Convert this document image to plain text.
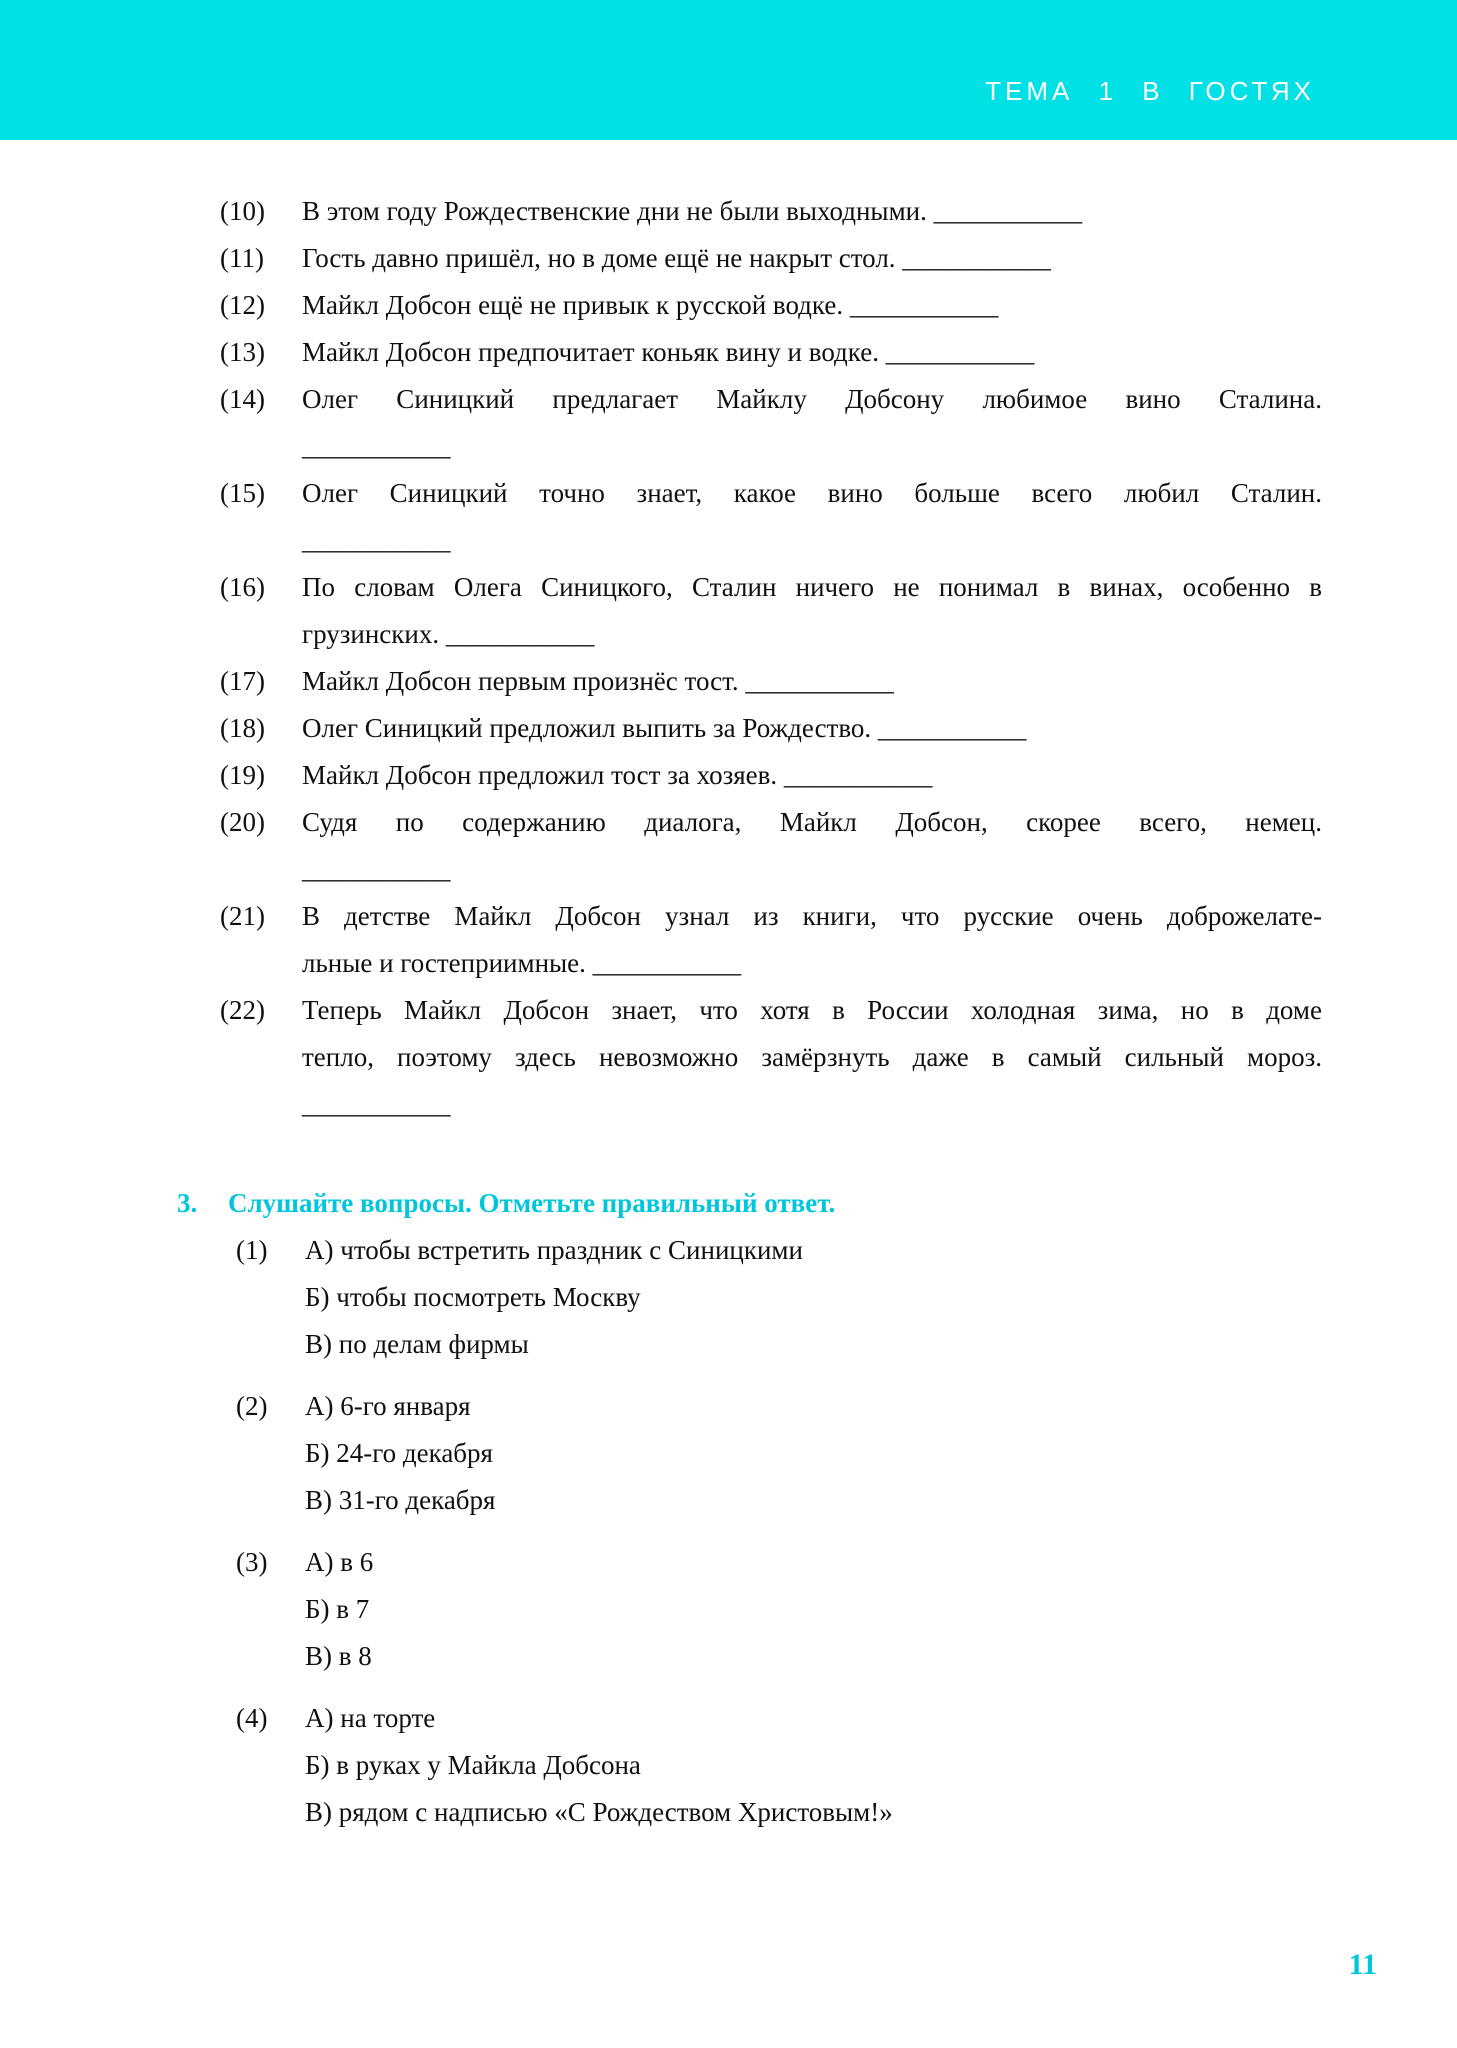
ТЕМА 1 В ГОСТЯХ
(10)	В этом году Рождественские дни не были выходными. ___________
(11)	Гость давно пришёл, но в доме ещё не накрыт стол. ___________
(12)	Майкл Добсон ещё не привык к русской водке. ___________
(13)	Майкл Добсон предпочитает коньяк вину и водке. ___________
(14)	Олег Синицкий предлагает Майклу Добсону любимое вино Сталина.
___________
(15)	Олег Синицкий точно знает, какое вино больше всего любил Сталин.
___________
(16)	По словам Олега Синицкого, Сталин ничего не понимал в винах, особенно в
грузинских. ___________
(17)	Майкл Добсон первым произнёс тост. ___________
(18)	Олег Синицкий предложил выпить за Рождество. ___________
(19)	Майкл Добсон предложил тост за хозяев. ___________
(20)	Судя по содержанию диалога, Майкл Добсон, скорее всего, немец.
___________
(21)	В детстве Майкл Добсон узнал из книги, что русские очень доброжелате-
льные и гостеприимные. ___________
(22)	Теперь Майкл Добсон знает, что хотя в России холодная зима, но в доме
тепло, поэтому здесь невозможно замёрзнуть даже в самый сильный мороз.
___________
3.	Слушайте вопросы. Отметьте правильный ответ.
(1)	А) чтобы встретить праздник с Синицкими
Б) чтобы посмотреть Москву
В) по делам фирмы
(2)	А) 6-го января
Б) 24-го декабря
В) 31-го декабря
(3)	А) в 6
Б) в 7
В) в 8
(4)	А) на торте
Б) в руках у Майкла Добсона
В) рядом с надписью «С Рождеством Христовым!»
11
